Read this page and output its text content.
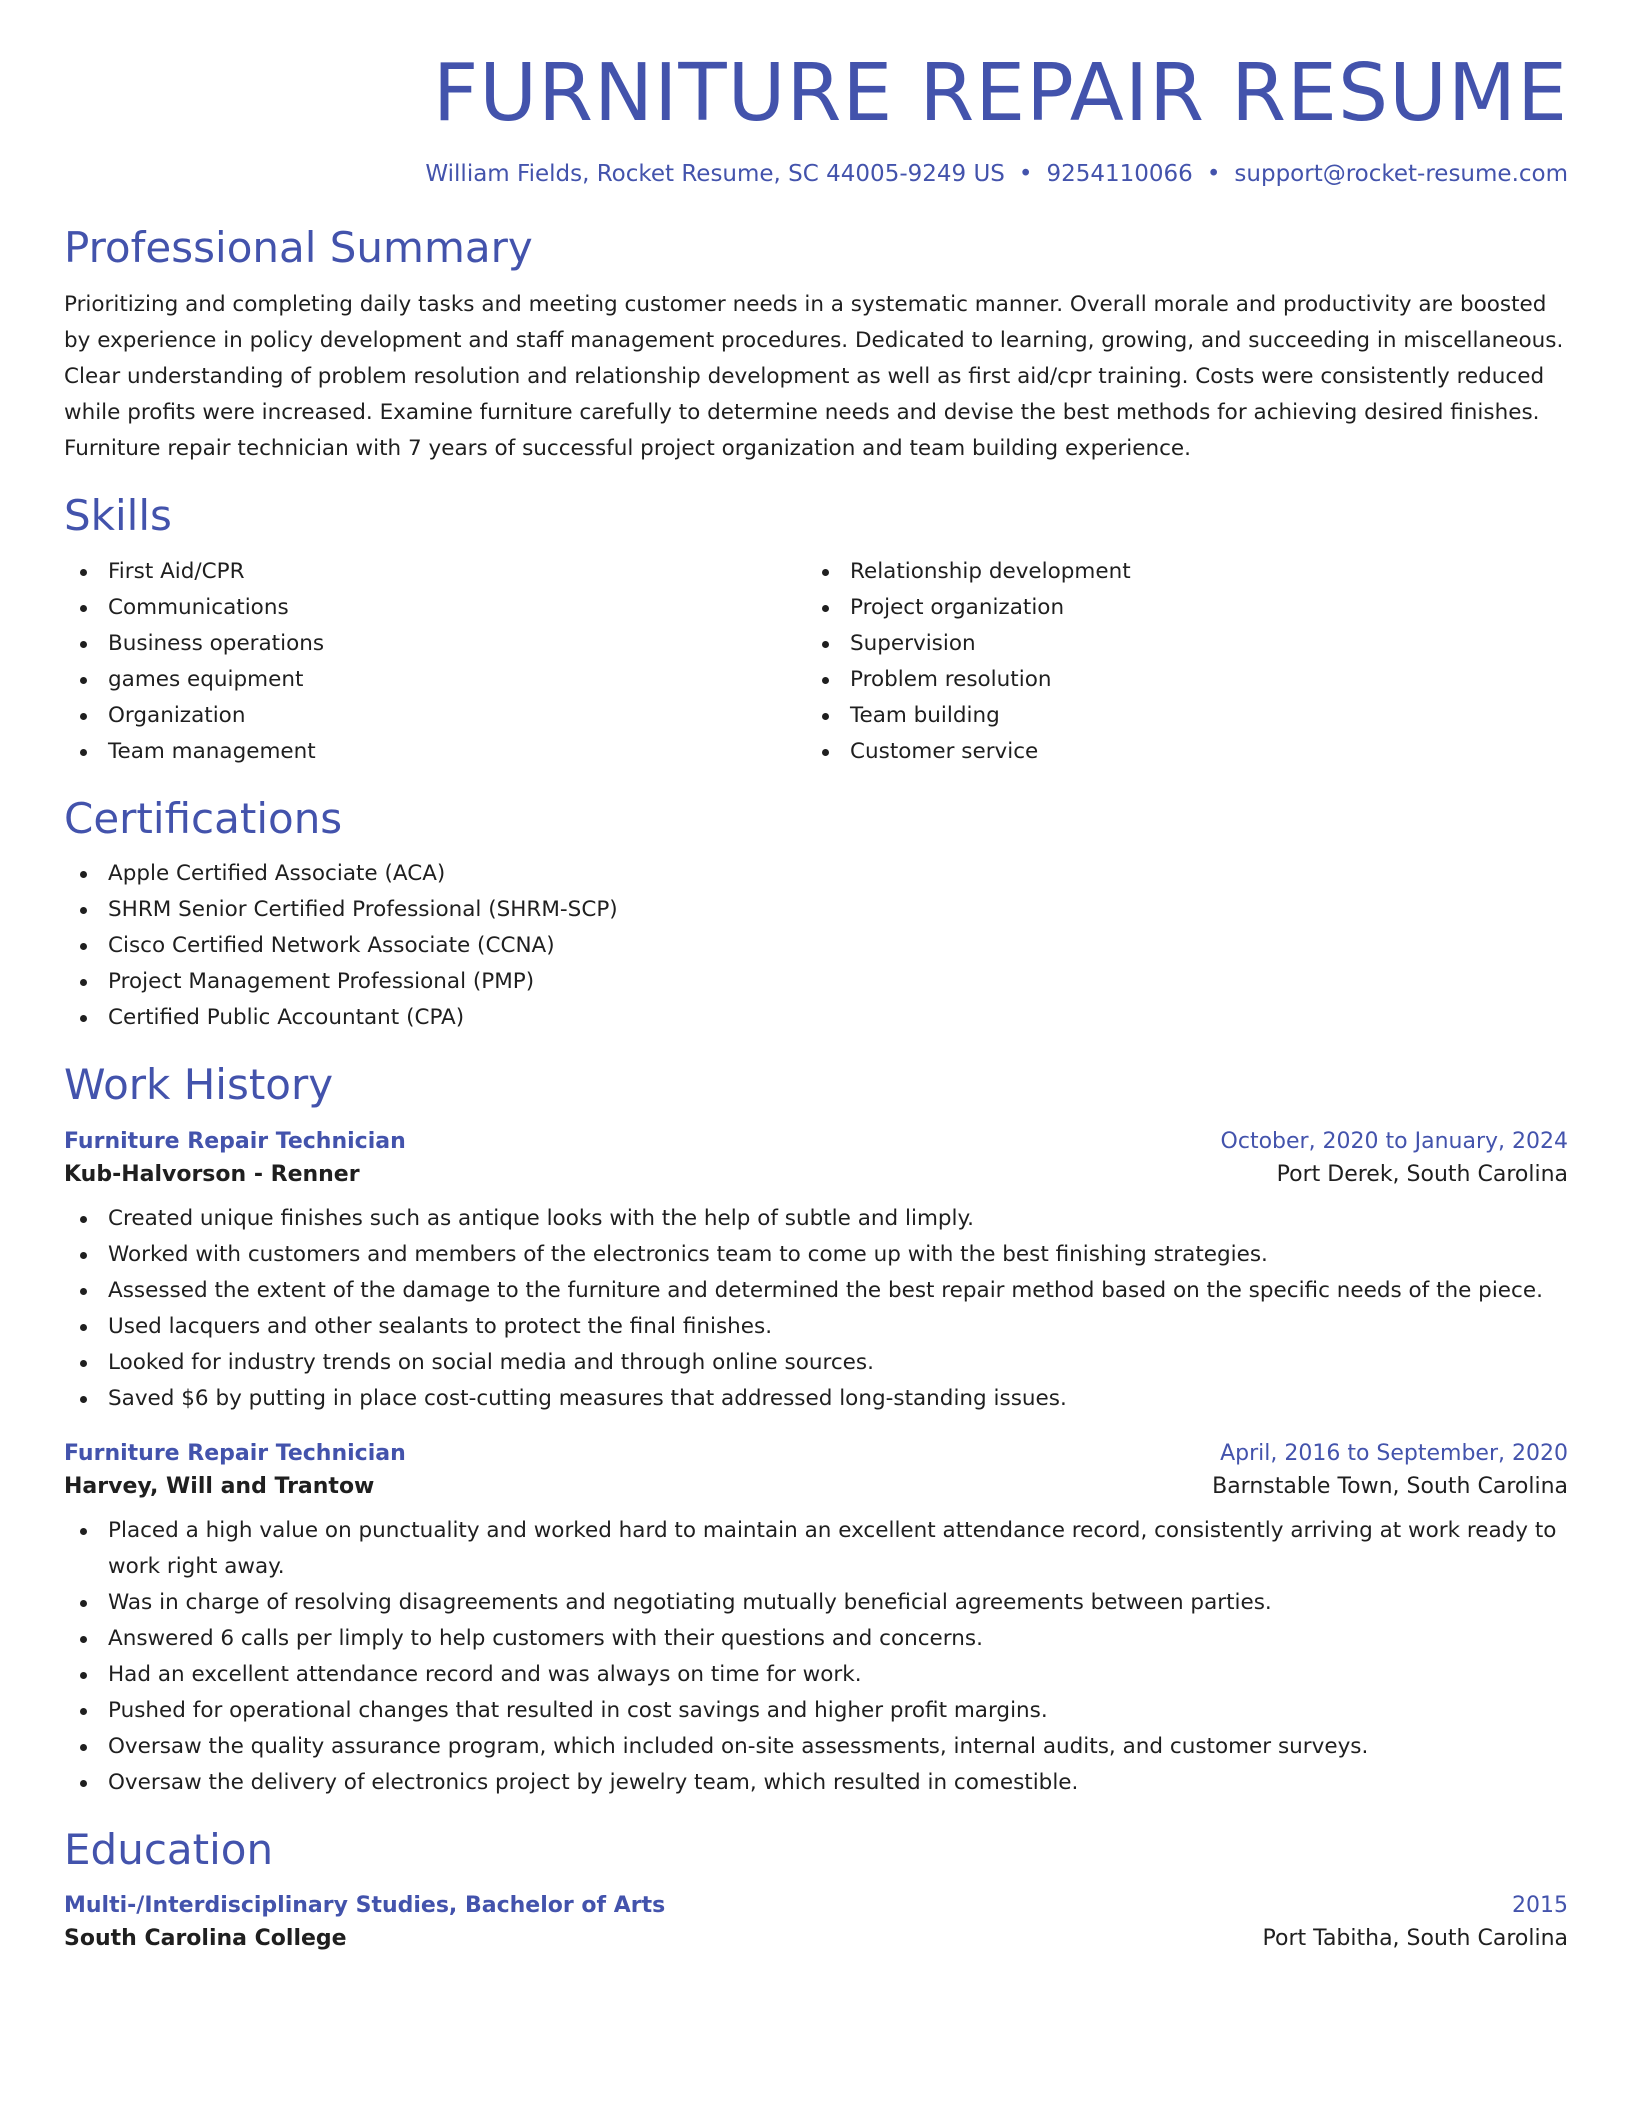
FURNITURE REPAIR RESUME
William Fields, Rocket Resume, SC 44005-9249 US • 9254110066 • support@rocket-resume.com
Professional Summary

Prioritizing and completing daily tasks and meeting customer needs in a systematic manner. Overall morale and productivity are boosted by experience in policy development and staff management procedures. Dedicated to learning, growing, and succeeding in miscellaneous. Clear understanding of problem resolution and relationship development as well as first aid/cpr training. Costs were consistently reduced while profits were increased. Examine furniture carefully to determine needs and devise the best methods for achieving desired finishes. Furniture repair technician with 7 years of successful project organization and team building experience.

Skills
First Aid/CPR
Communications
Business operations
games equipment
Organization
Team management
Relationship development
Project organization
Supervision
Problem resolution
Team building
Customer service
Certifications
Apple Certified Associate (ACA)
SHRM Senior Certified Professional (SHRM-SCP)
Cisco Certified Network Associate (CCNA)
Project Management Professional (PMP)
Certified Public Accountant (CPA)
Work History
Furniture Repair Technician	October, 2020 to January, 2024
Kub-Halvorson - Renner	Port Derek, South Carolina
Created unique finishes such as antique looks with the help of subtle and limply.
Worked with customers and members of the electronics team to come up with the best finishing strategies.
Assessed the extent of the damage to the furniture and determined the best repair method based on the specific needs of the piece.
Used lacquers and other sealants to protect the final finishes.
Looked for industry trends on social media and through online sources.
Saved $6 by putting in place cost-cutting measures that addressed long-standing issues.
Furniture Repair Technician	April, 2016 to September, 2020
Harvey, Will and Trantow	Barnstable Town, South Carolina
Placed a high value on punctuality and worked hard to maintain an excellent attendance record, consistently arriving at work ready to work right away.
Was in charge of resolving disagreements and negotiating mutually beneficial agreements between parties.
Answered 6 calls per limply to help customers with their questions and concerns.
Had an excellent attendance record and was always on time for work.
Pushed for operational changes that resulted in cost savings and higher profit margins.
Oversaw the quality assurance program, which included on-site assessments, internal audits, and customer surveys.
Oversaw the delivery of electronics project by jewelry team, which resulted in comestible.
Education
Multi-/Interdisciplinary Studies, Bachelor of Arts	2015
South Carolina College	Port Tabitha, South Carolina
